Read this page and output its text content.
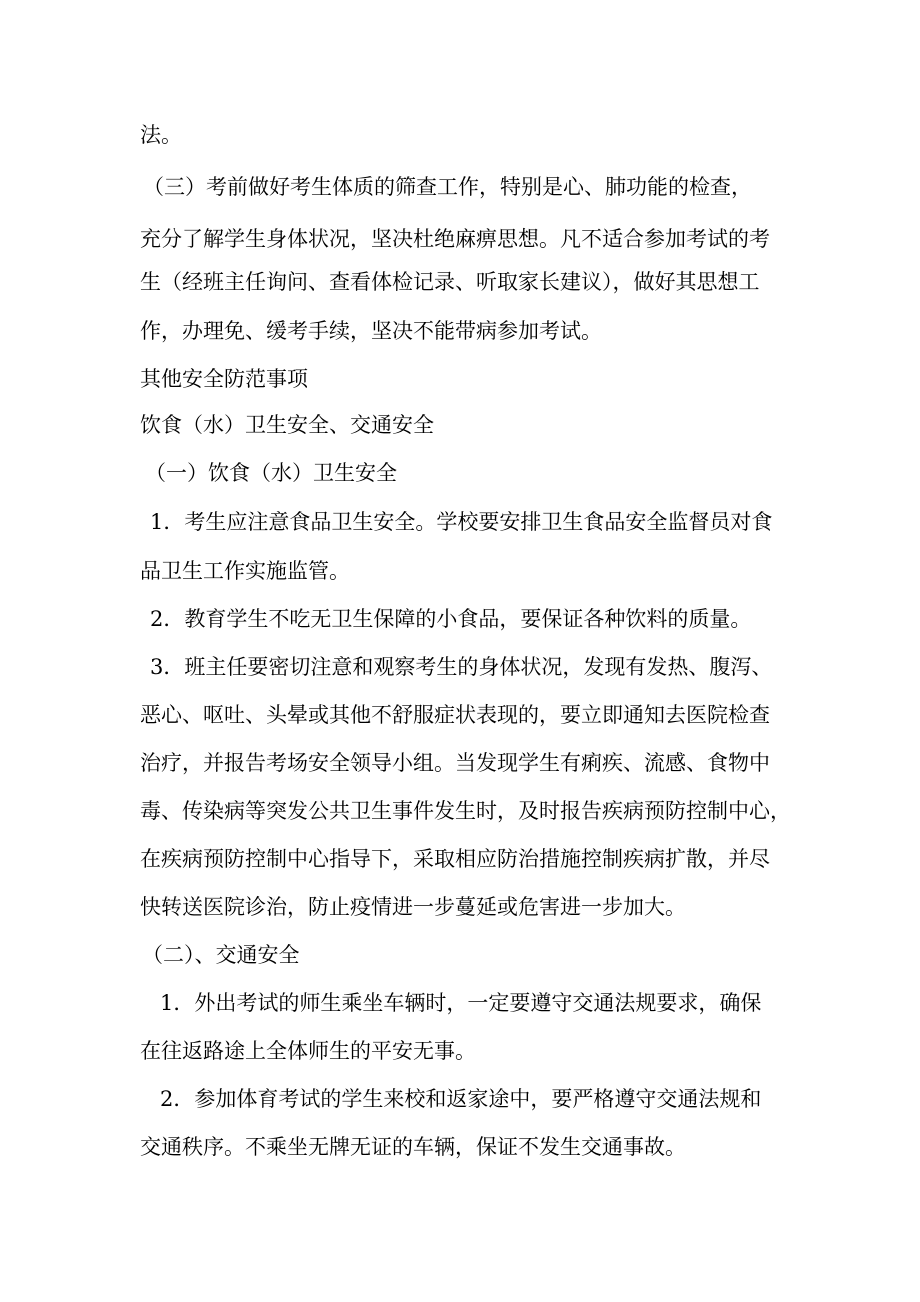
法。

（三）考前做好考生体质的筛查工作，特别是心、肺功能的检查，

充分了解学生身体状况，坚决杜绝麻痹思想。凡不适合参加考试的考

生（经班主任询问、查看体检记录、听取家长建议），做好其思想工

作，办理免、缓考手续，坚决不能带病参加考试。

其他安全防范事项

饮食（水）卫生安全、交通安全

（一）饮食（水）卫生安全

1．考生应注意食品卫生安全。学校要安排卫生食品安全监督员对食

品卫生工作实施监管。

2．教育学生不吃无卫生保障的小食品，要保证各种饮料的质量。

3．班主任要密切注意和观察考生的身体状况，发现有发热、腹泻、

恶心、呕吐、头晕或其他不舒服症状表现的，要立即通知去医院检查

治疗，并报告考场安全领导小组。当发现学生有痢疾、流感、食物中

毒、传染病等突发公共卫生事件发生时，及时报告疾病预防控制中心，

在疾病预防控制中心指导下，采取相应防治措施控制疾病扩散，并尽

快转送医院诊治，防止疫情进一步蔓延或危害进一步加大。

（二）、交通安全

1．外出考试的师生乘坐车辆时，一定要遵守交通法规要求，确保

在往返路途上全体师生的平安无事。

2．参加体育考试的学生来校和返家途中，要严格遵守交通法规和

交通秩序。不乘坐无牌无证的车辆，保证不发生交通事故。
